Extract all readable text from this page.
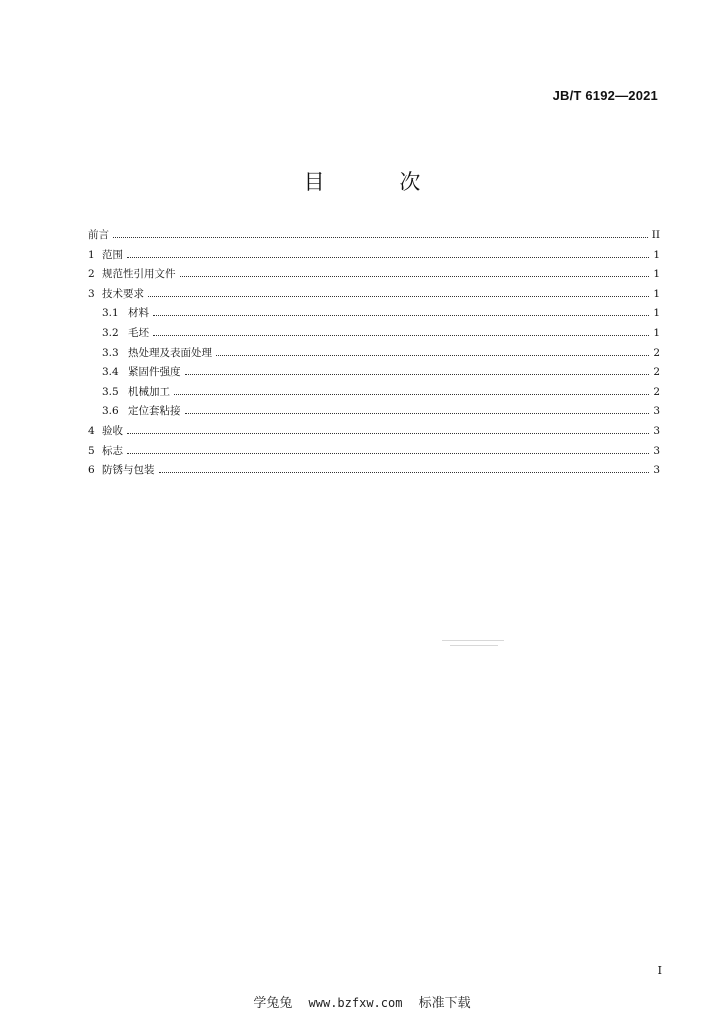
JB/T 6192—2021
目 次
前言	II
1 范围	1
2 规范性引用文件	1
3 技术要求	1
3.1 材料	1
3.2 毛坯	1
3.3 热处理及表面处理	2
3.4 紧固件强度	2
3.5 机械加工	2
3.6 定位套粘接	3
4 验收	3
5 标志	3
6 防锈与包装	3
I
学兔兔 www.bzfxw.com 标准下载
